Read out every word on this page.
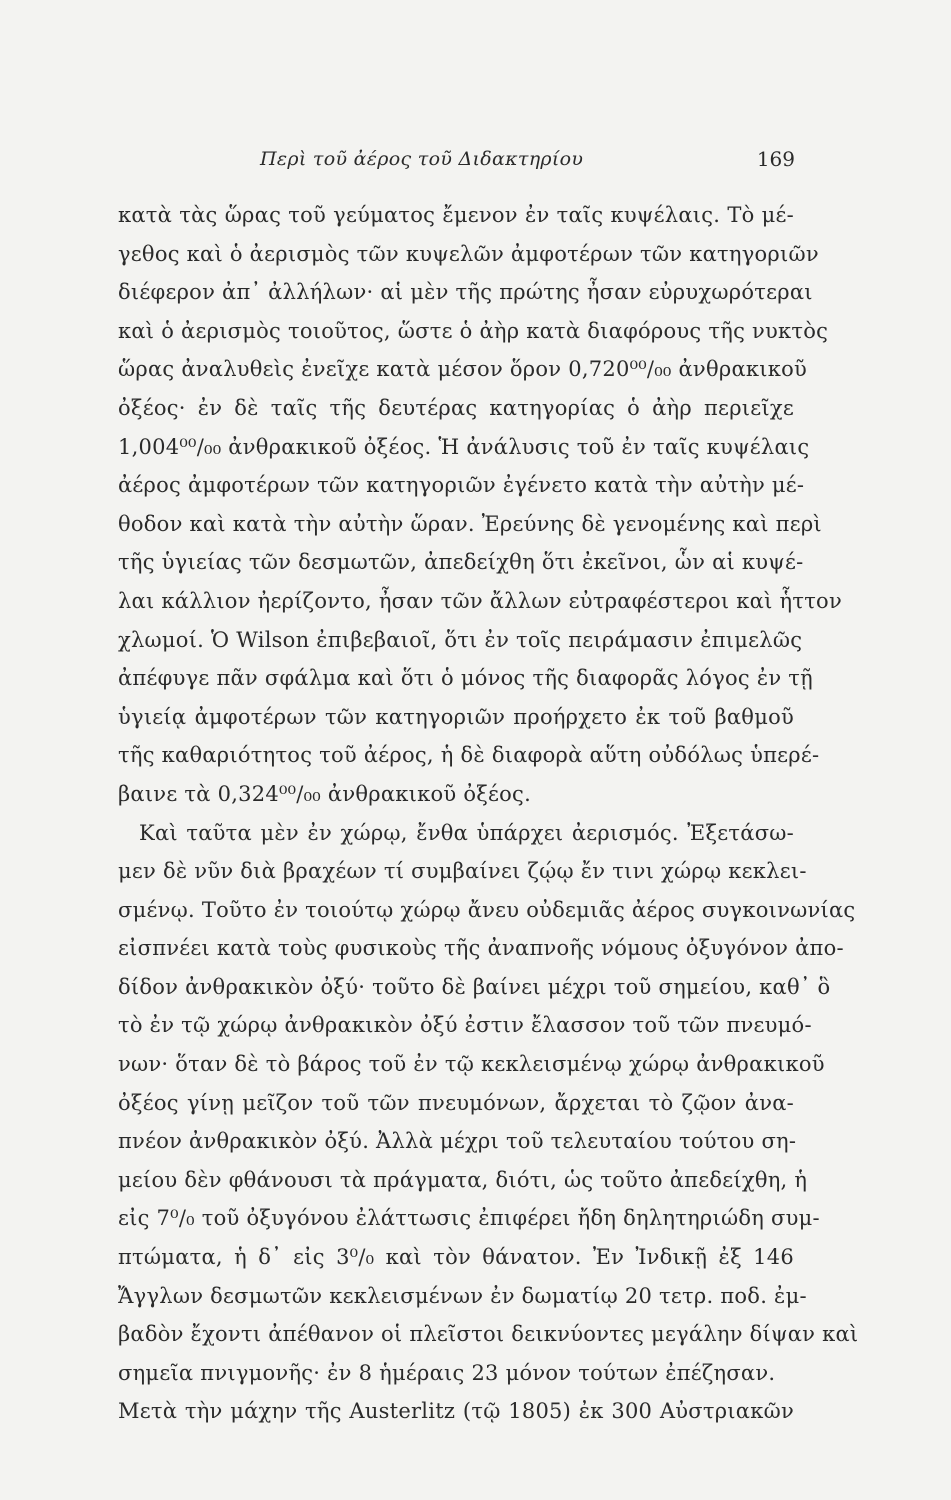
Περὶ τοῦ ἀέρος τοῦ Διδακτηρίου	169
κατὰ τὰς ὥρας τοῦ γεύματος ἔμενον ἐν ταῖς κυψέλαις. Τὸ μέ-
γεθος καὶ ὁ ἀερισμὸς τῶν κυψελῶν ἀμφοτέρων τῶν κατηγοριῶν
διέφερον ἀπ᾽ ἀλλήλων· αἱ μὲν τῆς πρώτης ἦσαν εὐρυχωρότεραι
καὶ ὁ ἀερισμὸς τοιοῦτος, ὥστε ὁ ἀὴρ κατὰ διαφόρους τῆς νυκτὸς
ὥρας ἀναλυθεὶς ἐνεῖχε κατὰ μέσον ὅρον 0,720⁰⁰/₀₀ ἀνθρακικοῦ
ὀξέος· ἐν δὲ ταῖς τῆς δευτέρας κατηγορίας ὁ ἀὴρ περιεῖχε
1,004⁰⁰/₀₀ ἀνθρακικοῦ ὀξέος. Ἡ ἀνάλυσις τοῦ ἐν ταῖς κυψέλαις
ἀέρος ἀμφοτέρων τῶν κατηγοριῶν ἐγένετο κατὰ τὴν αὐτὴν μέ-
θοδον καὶ κατὰ τὴν αὐτὴν ὥραν. Ἐρεύνης δὲ γενομένης καὶ περὶ
τῆς ὑγιείας τῶν δεσμωτῶν, ἀπεδείχθη ὅτι ἐκεῖνοι, ὧν αἱ κυψέ-
λαι κάλλιον ἠερίζοντο, ἦσαν τῶν ἄλλων εὐτραφέστεροι καὶ ἧττον
χλωμοί. Ὁ Wilson ἐπιβεβαιοῖ, ὅτι ἐν τοῖς πειράμασιν ἐπιμελῶς
ἀπέφυγε πᾶν σφάλμα καὶ ὅτι ὁ μόνος τῆς διαφορᾶς λόγος ἐν τῇ
ὑγιείᾳ ἀμφοτέρων τῶν κατηγοριῶν προήρχετο ἐκ τοῦ βαθμοῦ
τῆς καθαριότητος τοῦ ἀέρος, ἡ δὲ διαφορὰ αὕτη οὐδόλως ὑπερέ-
βαινε τὰ 0,324⁰⁰/₀₀ ἀνθρακικοῦ ὀξέος.
Καὶ ταῦτα μὲν ἐν χώρῳ, ἔνθα ὑπάρχει ἀερισμός. Ἐξετάσω-
μεν δὲ νῦν διὰ βραχέων τί συμβαίνει ζῴῳ ἔν τινι χώρῳ κεκλει-
σμένῳ. Τοῦτο ἐν τοιούτῳ χώρῳ ἄνευ οὐδεμιᾶς ἀέρος συγκοινωνίας
εἰσπνέει κατὰ τοὺς φυσικοὺς τῆς ἀναπνοῆς νόμους ὀξυγόνον ἀπο-
δίδον ἀνθρακικὸν ὀξύ· τοῦτο δὲ βαίνει μέχρι τοῦ σημείου, καθ᾽ ὃ
τὸ ἐν τῷ χώρῳ ἀνθρακικὸν ὀξύ ἐστιν ἔλασσον τοῦ τῶν πνευμό-
νων· ὅταν δὲ τὸ βάρος τοῦ ἐν τῷ κεκλεισμένῳ χώρῳ ἀνθρακικοῦ
ὀξέος γίνῃ μεῖζον τοῦ τῶν πνευμόνων, ἄρχεται τὸ ζῷον ἀνα-
πνέον ἀνθρακικὸν ὀξύ. Ἀλλὰ μέχρι τοῦ τελευταίου τούτου ση-
μείου δὲν φθάνουσι τὰ πράγματα, διότι, ὡς τοῦτο ἀπεδείχθη, ἡ
εἰς 7⁰/₀ τοῦ ὀξυγόνου ἐλάττωσις ἐπιφέρει ἤδη δηλητηριώδη συμ-
πτώματα, ἡ δ᾽ εἰς 3⁰/₀ καὶ τὸν θάνατον. Ἐν Ἰνδικῇ ἐξ 146
Ἄγγλων δεσμωτῶν κεκλεισμένων ἐν δωματίῳ 20 τετρ. ποδ. ἐμ-
βαδὸν ἔχοντι ἀπέθανον οἱ πλεῖστοι δεικνύοντες μεγάλην δίψαν καὶ
σημεῖα πνιγμονῆς· ἐν 8 ἡμέραις 23 μόνον τούτων ἐπέζησαν.
Μετὰ τὴν μάχην τῆς Austerlitz (τῷ 1805) ἐκ 300 Αὐστριακῶν
